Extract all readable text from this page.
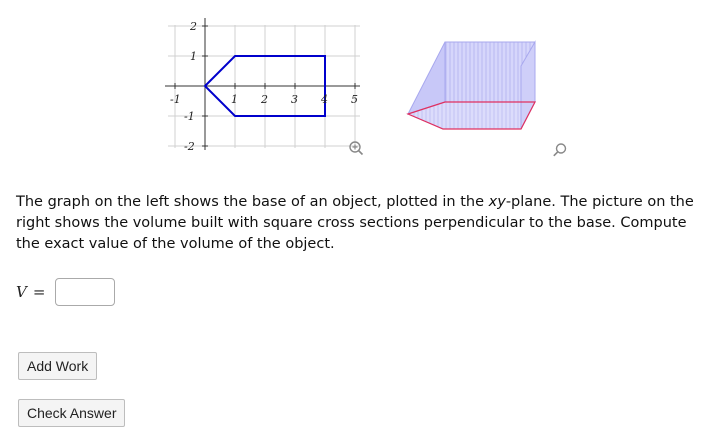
-1	1 2 3 4 5
2
1
-1
-2
The graph on the left shows the base of an object, plotted in the xy-plane. The picture on the right shows the volume built with square cross sections perpendicular to the base. Compute the exact value of the volume of the object.
V =
Add Work
Check Answer
